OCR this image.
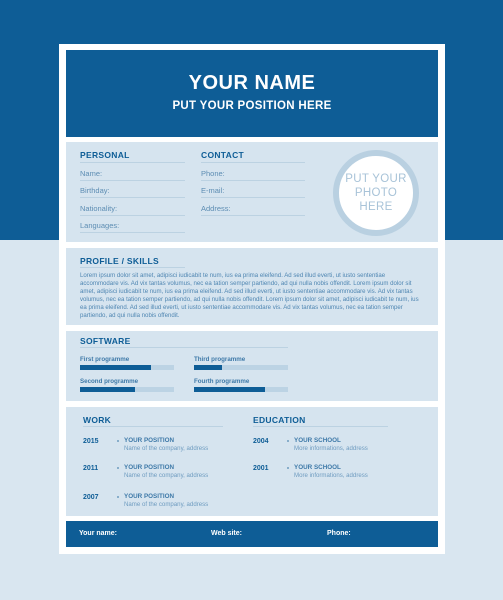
YOUR NAME
PUT YOUR POSITION HERE
PERSONAL
Name:
Birthday:
Nationality:
Languages:
CONTACT
Phone:
E-mail:
Address:
PUT YOUR
PHOTO
HERE
PROFILE / SKILLS
Lorem ipsum dolor sit amet, adipisci iudicabit te num, ius ea prima eleifend. Ad sed illud everti, ut iusto sententiae accommodare vis. Ad vix tantas volumus, nec ea tation semper partiendo, ad qui nulla nobis offendit. Lorem ipsum dolor sit amet, adipisci iudicabit te num, ius ea prima eleifend. Ad sed illud everti, ut iusto sententiae accommodare vis. Ad vix tantas volumus, nec ea tation semper partiendo, ad qui nulla nobis offendit. Lorem ipsum dolor sit amet, adipisci iudicabit te num, ius ea prima eleifend. Ad sed illud everti, ut iusto sententiae accommodare vis. Ad vix tantas volumus, nec ea tation semper partiendo, ad qui nulla nobis offendit.
SOFTWARE
First programme	Third programme
Second programme	Fourth programme
WORK
2015	YOUR POSITION
Name of the company, address
2011	YOUR POSITION
Name of the company, address
2007	YOUR POSITION
Name of the company, address
EDUCATION
2004	YOUR SCHOOL
More informations, address
2001	YOUR SCHOOL
More informations, address
Your name:	Web site:	Phone:
